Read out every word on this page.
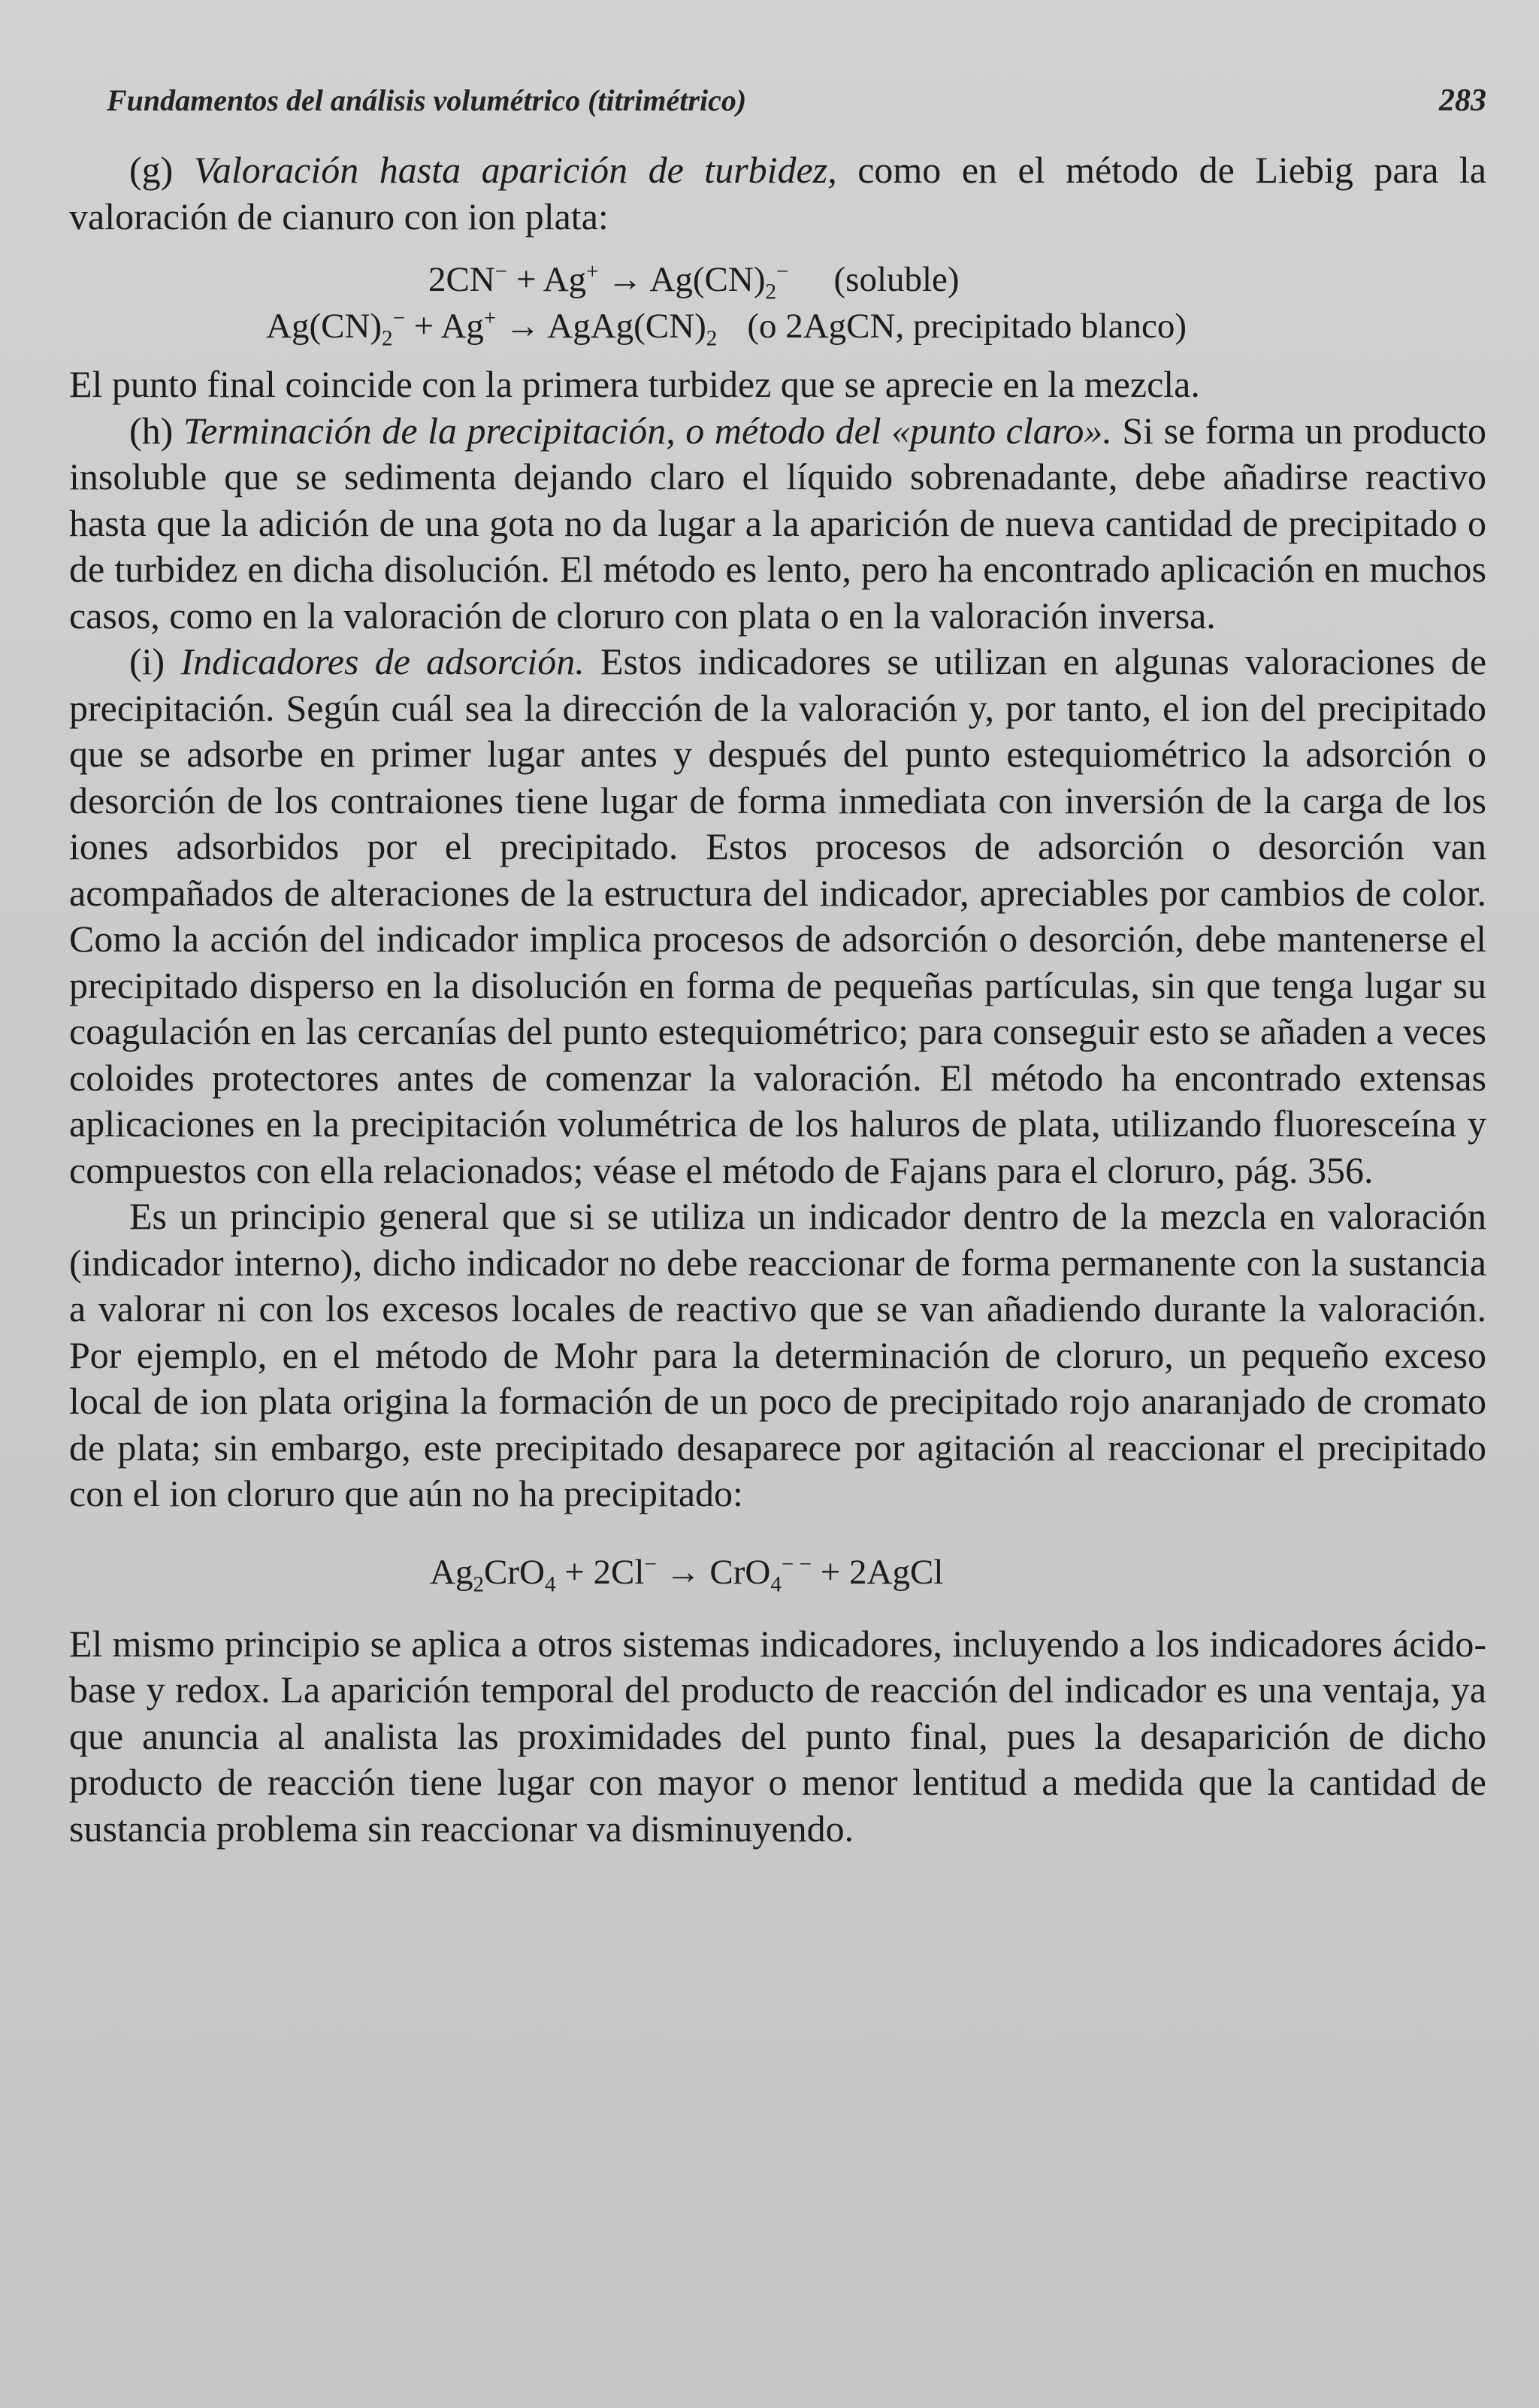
Fundamentos del análisis volumétrico (titrimétrico)	283

(g) Valoración hasta aparición de turbidez, como en el método de Liebig para la valoración de cianuro con ion plata:

$2CN^- + Ag^+ \to Ag(CN)_2^-$ (soluble)
$Ag(CN)_2^- + Ag^+$ → $AgAg(CN)_2$ (o 2AgCN, precipitado blanco)

El punto final coincide con la primera turbidez que se aprecie en la mezcla.

(h) Terminación de la precipitación, o método del «punto claro». Si se forma un producto insoluble que se sedimenta dejando claro el líquido sobrenadante, debe añadirse reactivo hasta que la adición de una gota no da lugar a la aparición de nueva cantidad de precipitado o de turbidez en dicha disolución. El método es lento, pero ha encontrado aplicación en muchos casos, como en la valoración de cloruro con plata o en la valoración inversa.

(i) Indicadores de adsorción. Estos indicadores se utilizan en algunas valoraciones de precipitación. Según cuál sea la dirección de la valoración y, por tanto, el ion del precipitado que se adsorbe en primer lugar antes y después del punto estequiométrico la adsorción o desorción de los contraiones tiene lugar de forma inmediata con inversión de la carga de los iones adsorbidos por el precipitado. Estos procesos de adsorción o desorción van acompañados de alteraciones de la estructura del indicador, apreciables por cambios de color. Como la acción del indicador implica procesos de adsorción o desorción, debe mantenerse el precipitado disperso en la disolución en forma de pequeñas partículas, sin que tenga lugar su coagulación en las cercanías del punto estequiométrico; para conseguir esto se añaden a veces coloides protectores antes de comenzar la valoración. El método ha encontrado extensas aplicaciones en la precipitación volumétrica de los haluros de plata, utilizando fluoresceína y compuestos con ella relacionados; véase el método de Fajans para el cloruro, pág. 356.

Es un principio general que si se utiliza un indicador dentro de la mezcla en valoración (indicador interno), dicho indicador no debe reaccionar de forma permanente con la sustancia a valorar ni con los excesos locales de reactivo que se van añadiendo durante la valoración. Por ejemplo, en el método de Mohr para la determinación de cloruro, un pequeño exceso local de ion plata origina la formación de un poco de precipitado rojo anaranjado de cromato de plata; sin embargo, este precipitado desaparece por agitación al reaccionar el precipitado con el ion cloruro que aún no ha precipitado:

$Ag_2CrO_4 + 2Cl^- \to CrO_4^{- -}$ + 2AgCl

El mismo principio se aplica a otros sistemas indicadores, incluyendo a los indicadores ácido-base y redox. La aparición temporal del producto de reacción del indicador es una ventaja, ya que anuncia al analista las proximidades del punto final, pues la desaparición de dicho producto de reacción tiene lugar con mayor o menor lentitud a medida que la cantidad de sustancia problema sin reaccionar va disminuyendo.
